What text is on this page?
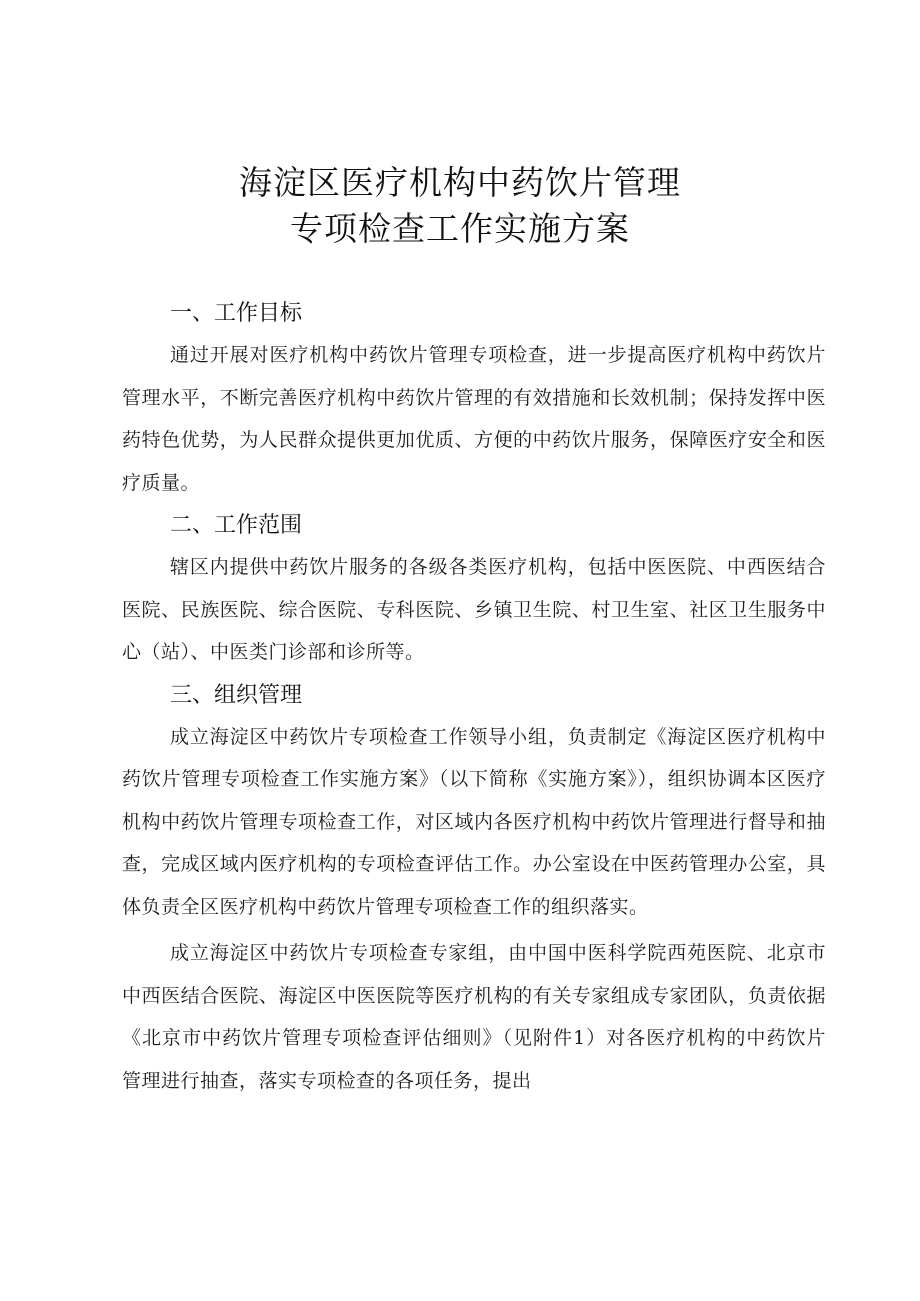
海淀区医疗机构中药饮片管理

专项检查工作实施方案

一、工作目标

通过开展对医疗机构中药饮片管理专项检查，进一步提高医疗机构中药饮片管理水平，不断完善医疗机构中药饮片管理的有效措施和长效机制；保持发挥中医药特色优势，为人民群众提供更加优质、方便的中药饮片服务，保障医疗安全和医疗质量。

二、工作范围

辖区内提供中药饮片服务的各级各类医疗机构，包括中医医院、中西医结合医院、民族医院、综合医院、专科医院、乡镇卫生院、村卫生室、社区卫生服务中心（站）、中医类门诊部和诊所等。

三、组织管理

成立海淀区中药饮片专项检查工作领导小组，负责制定《海淀区医疗机构中药饮片管理专项检查工作实施方案》（以下简称《实施方案》），组织协调本区医疗机构中药饮片管理专项检查工作，对区域内各医疗机构中药饮片管理进行督导和抽查，完成区域内医疗机构的专项检查评估工作。办公室设在中医药管理办公室，具体负责全区医疗机构中药饮片管理专项检查工作的组织落实。

成立海淀区中药饮片专项检查专家组，由中国中医科学院西苑医院、北京市中西医结合医院、海淀区中医医院等医疗机构的有关专家组成专家团队，负责依据《北京市中药饮片管理专项检查评估细则》（见附件1）对各医疗机构的中药饮片管理进行抽查，落实专项检查的各项任务，提出
